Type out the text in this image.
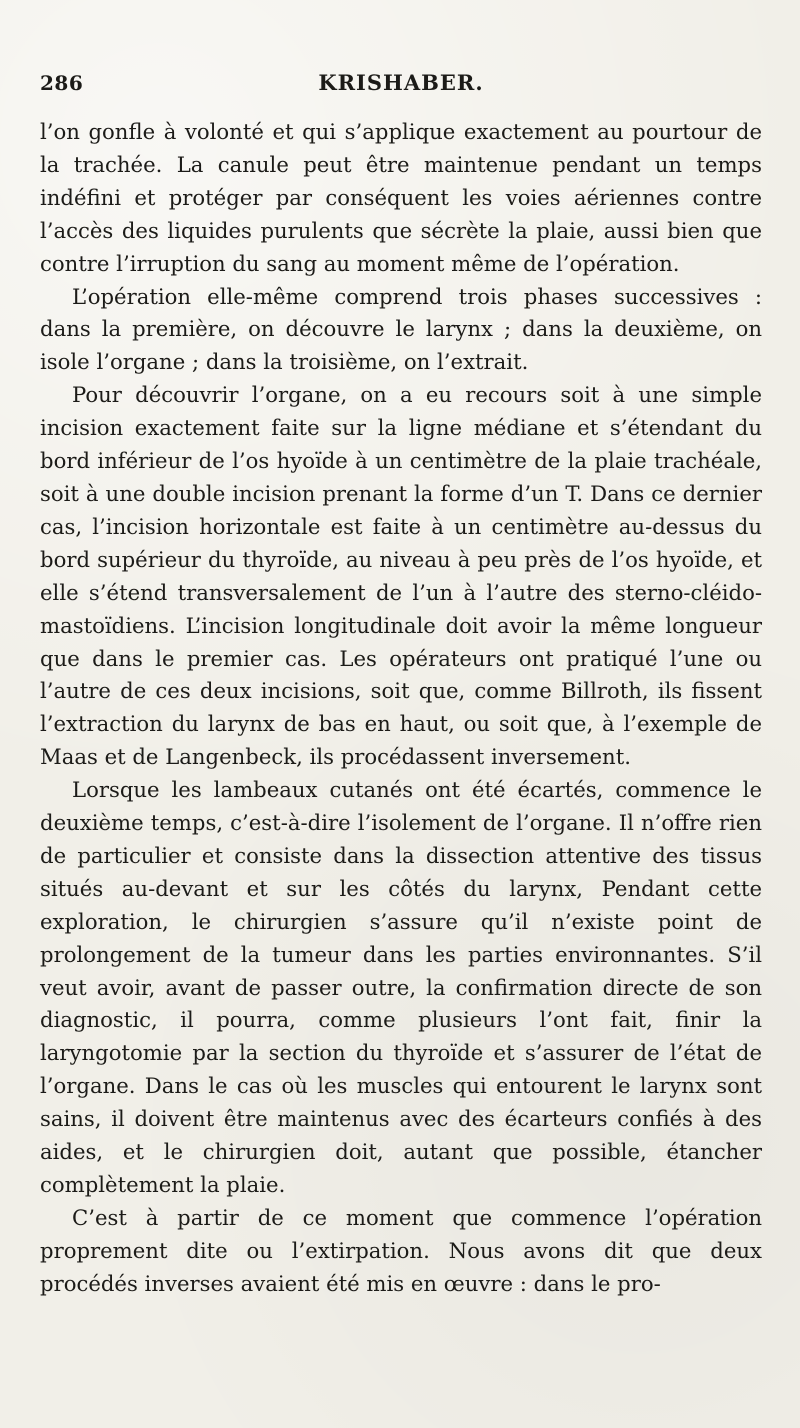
286	KRISHABER.

l’on gonfle à volonté et qui s’applique exactement au pourtour de la trachée. La canule peut être maintenue pendant un temps indéfini et protéger par conséquent les voies aériennes contre l’accès des liquides purulents que sécrète la plaie, aussi bien que contre l’irruption du sang au moment même de l’opération.

L’opération elle-même comprend trois phases successives : dans la première, on découvre le larynx ; dans la deuxième, on isole l’organe ; dans la troisième, on l’extrait.

Pour découvrir l’organe, on a eu recours soit à une simple incision exactement faite sur la ligne médiane et s’étendant du bord inférieur de l’os hyoïde à un centimètre de la plaie trachéale, soit à une double incision prenant la forme d’un T. Dans ce dernier cas, l’incision horizontale est faite à un centimètre au-dessus du bord supérieur du thyroïde, au niveau à peu près de l’os hyoïde, et elle s’étend transversalement de l’un à l’autre des sterno-cléido-mastoïdiens. L’incision longitudinale doit avoir la même longueur que dans le premier cas. Les opérateurs ont pratiqué l’une ou l’autre de ces deux incisions, soit que, comme Billroth, ils fissent l’extraction du larynx de bas en haut, ou soit que, à l’exemple de Maas et de Langenbeck, ils procédassent inversement.

Lorsque les lambeaux cutanés ont été écartés, commence le deuxième temps, c’est-à-dire l’isolement de l’organe. Il n’offre rien de particulier et consiste dans la dissection attentive des tissus situés au-devant et sur les côtés du larynx, Pendant cette exploration, le chirurgien s’assure qu’il n’existe point de prolongement de la tumeur dans les parties environnantes. S’il veut avoir, avant de passer outre, la confirmation directe de son diagnostic, il pourra, comme plusieurs l’ont fait, finir la laryngotomie par la section du thyroïde et s’assurer de l’état de l’organe. Dans le cas où les muscles qui entourent le larynx sont sains, il doivent être maintenus avec des écarteurs confiés à des aides, et le chirurgien doit, autant que possible, étancher complètement la plaie.

C’est à partir de ce moment que commence l’opération proprement dite ou l’extirpation. Nous avons dit que deux procédés inverses avaient été mis en œuvre : dans le pro-
